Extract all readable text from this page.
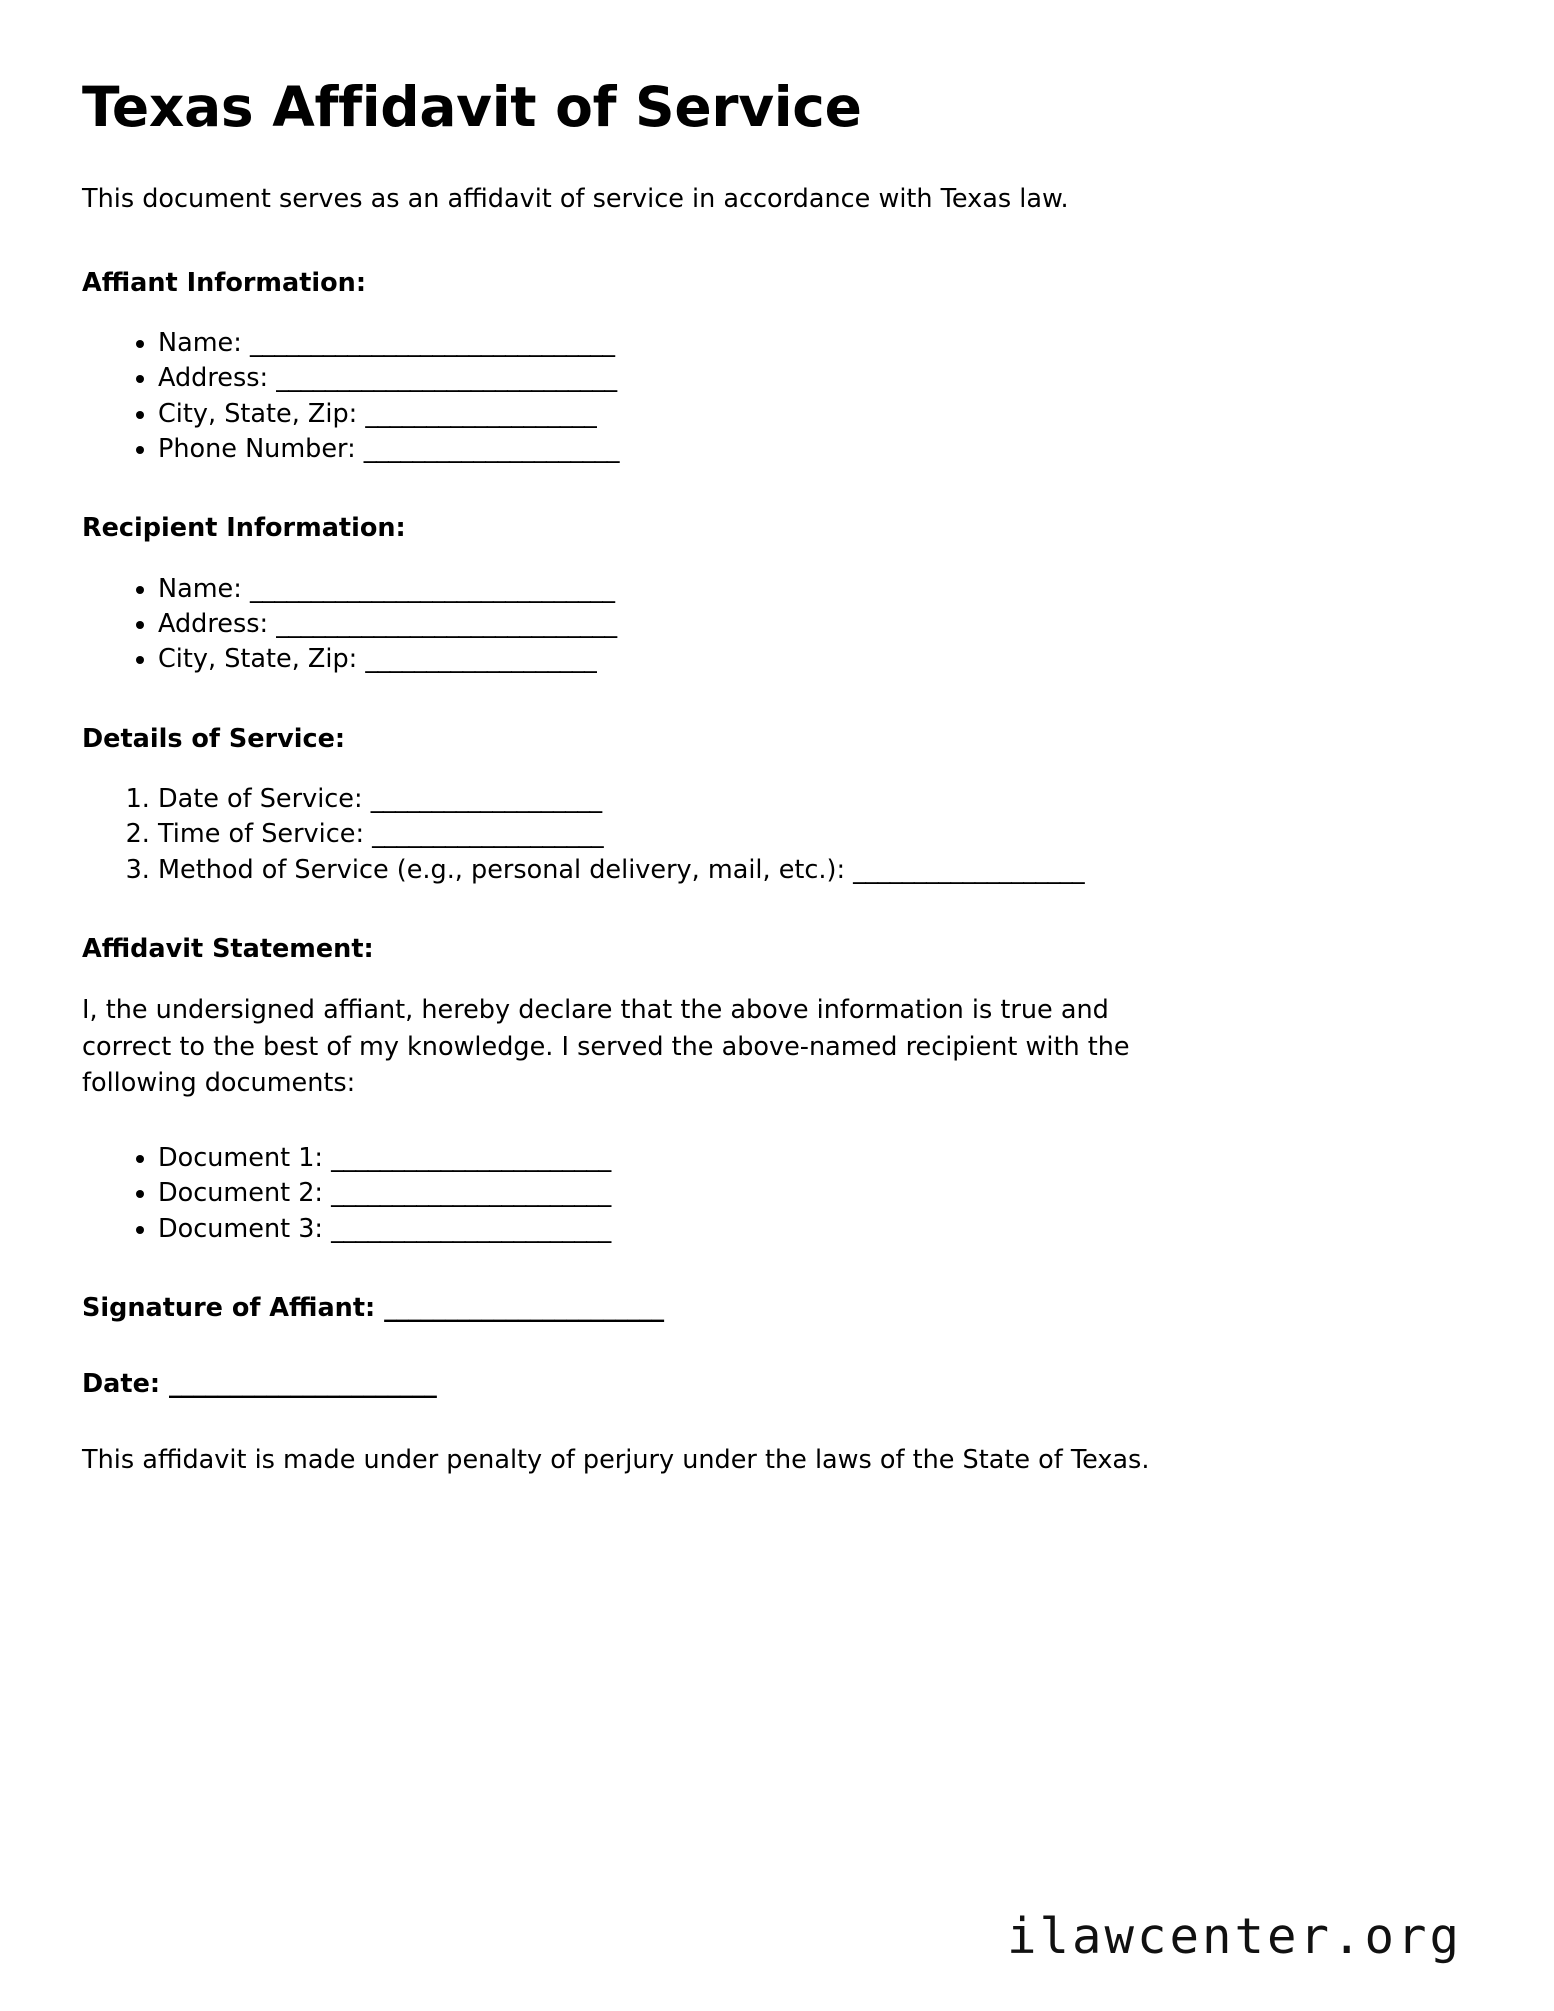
Texas Affidavit of Service

This document serves as an affidavit of service in accordance with Texas law.

Affiant Information:
• Name: ______________________________
• Address: ____________________________
• City, State, Zip: ___________________
• Phone Number: _____________________
Recipient Information:
• Name: ______________________________
• Address: ____________________________
• City, State, Zip: ___________________
Details of Service:
1. Date of Service: ___________________
2. Time of Service: ___________________
3. Method of Service (e.g., personal delivery, mail, etc.): ___________________
Affidavit Statement:

I, the undersigned affiant, hereby declare that the above information is true and correct to the best of my knowledge. I served the above-named recipient with the following documents:

• Document 1: _______________________
• Document 2: _______________________
• Document 3: _______________________

Signature of Affiant: _______________________

Date: ______________________

This affidavit is made under penalty of perjury under the laws of the State of Texas.

ilawcenter.org
